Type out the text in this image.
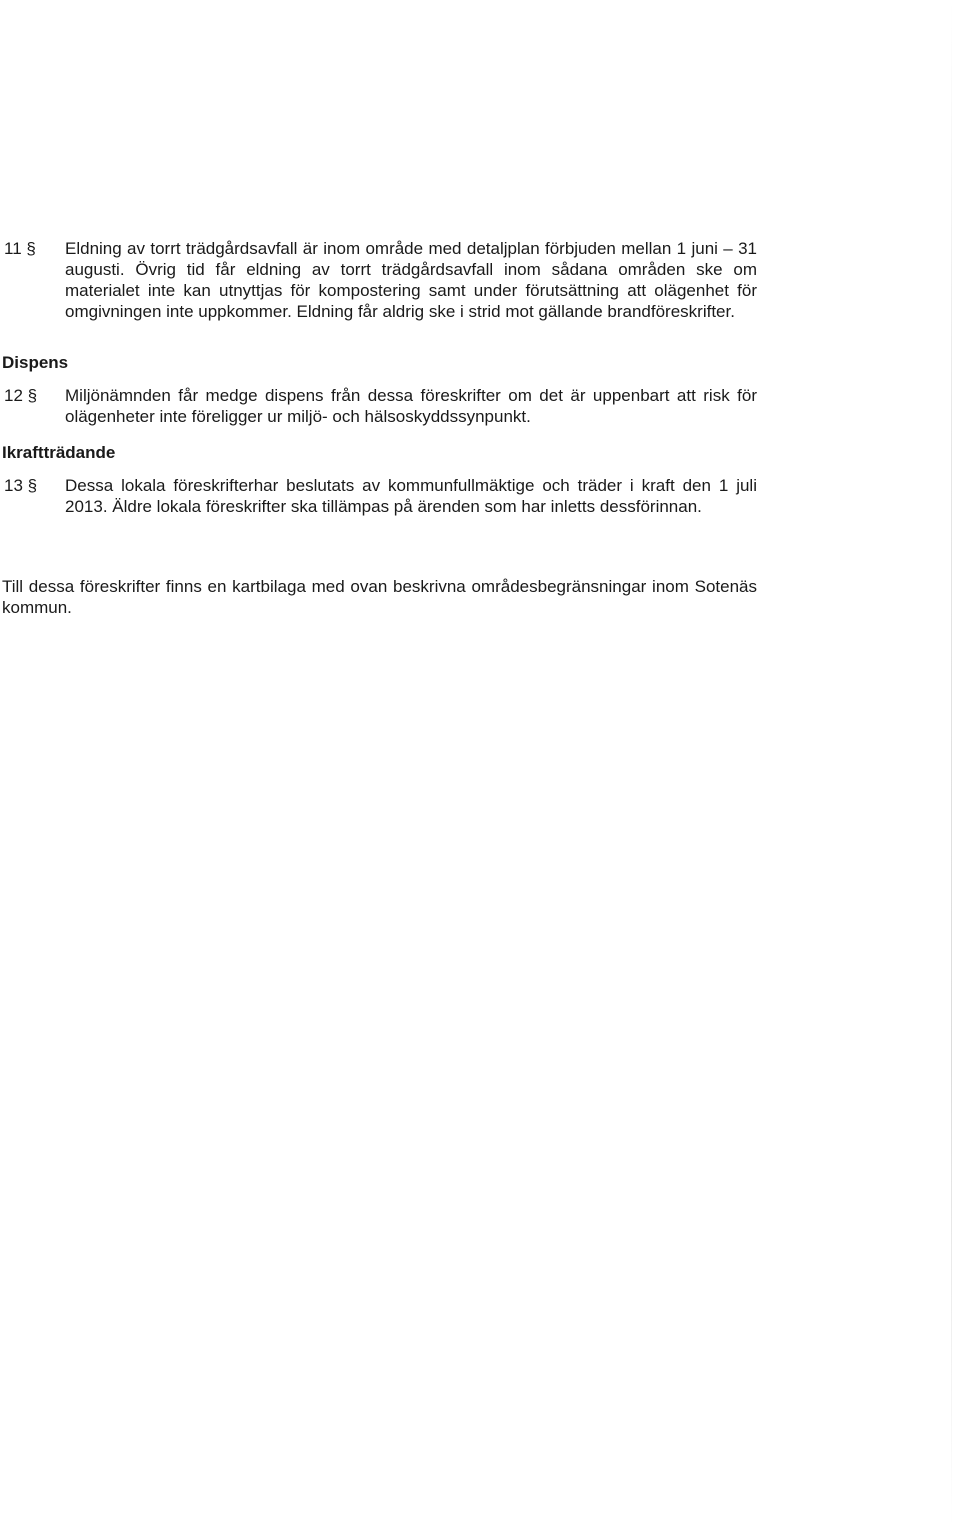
11 § Eldning av torrt trädgårdsavfall är inom område med detaljplan förbjuden mellan 1 juni – 31 augusti. Övrig tid får eldning av torrt trädgårdsavfall inom sådana områden ske om materialet inte kan utnyttjas för kompostering samt under förutsättning att olägenhet för omgivningen inte uppkommer. Eldning får aldrig ske i strid mot gällande brandföreskrifter.
Dispens
12 § Miljönämnden får medge dispens från dessa föreskrifter om det är uppenbart att risk för olägenheter inte föreligger ur miljö- och hälsoskyddssynpunkt.
Ikraftträdande
13 § Dessa lokala föreskrifterhar beslutats av kommunfullmäktige och träder i kraft den 1 juli 2013. Äldre lokala föreskrifter ska tillämpas på ärenden som har inletts dessförinnan.
Till dessa föreskrifter finns en kartbilaga med ovan beskrivna områdesbegränsningar inom Sotenäs kommun.
